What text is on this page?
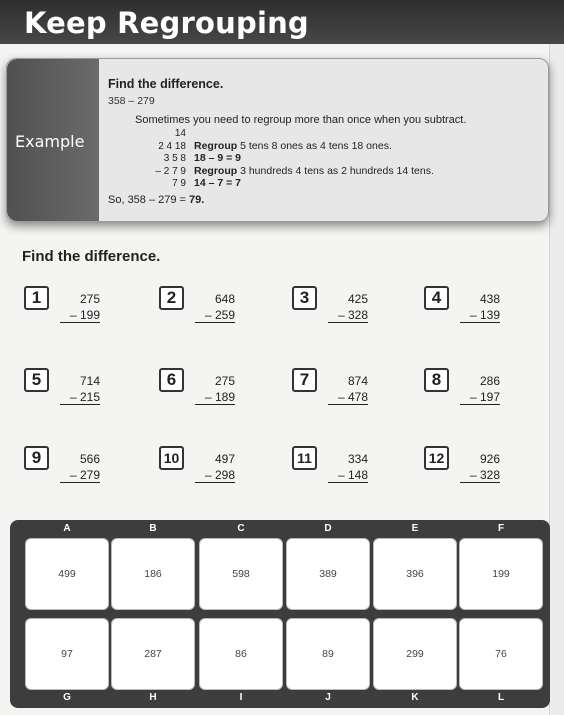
Keep Regrouping
Example
Find the difference.
358 – 279
Sometimes you need to regroup more than once when you subtract.
14
2 4 18 Regroup 5 tens 8 ones as 4 tens 18 ones.
3 5 8 18 – 9 = 9
– 2 7 9 Regroup 3 hundreds 4 tens as 2 hundreds 14 tens.
7 9 14 – 7 = 7
So, 358 – 279 = 79.
Find the difference.
1	275
– 199
2	648
– 259
3	425
– 328
4	438
– 139
5	714
– 215
6	275
– 189
7	874
– 478
8	286
– 197
9	566
– 279
10	497
– 298
11	334
– 148
12	926
– 328
A
499
B
186
C
598
D
389
E
396
F
199
97
G
287
H
86
I
89
J
299
K
76
L
